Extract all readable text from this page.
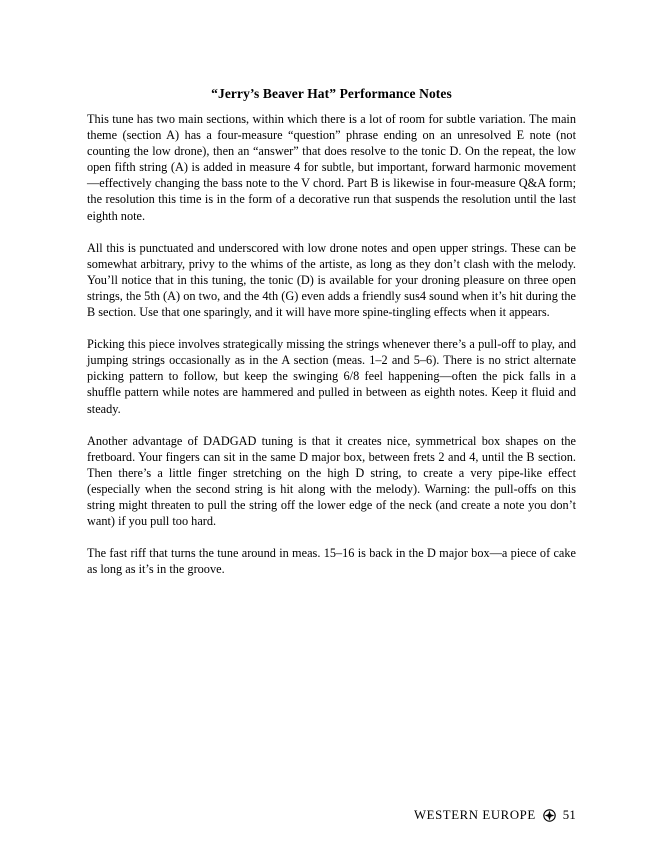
“Jerry’s Beaver Hat” Performance Notes

This tune has two main sections, within which there is a lot of room for subtle variation. The main theme (section A) has a four-measure “question” phrase ending on an unresolved E note (not counting the low drone), then an “answer” that does resolve to the tonic D. On the repeat, the low open fifth string (A) is added in measure 4 for subtle, but important, forward harmonic movement—effectively changing the bass note to the V chord. Part B is likewise in four-measure Q&A form; the resolution this time is in the form of a decorative run that suspends the resolution until the last eighth note.

All this is punctuated and underscored with low drone notes and open upper strings. These can be somewhat arbitrary, privy to the whims of the artiste, as long as they don’t clash with the melody. You’ll notice that in this tuning, the tonic (D) is available for your droning pleasure on three open strings, the 5th (A) on two, and the 4th (G) even adds a friendly sus4 sound when it’s hit during the B section. Use that one sparingly, and it will have more spine-tingling effects when it appears.

Picking this piece involves strategically missing the strings whenever there’s a pull-off to play, and jumping strings occasionally as in the A section (meas. 1–2 and 5–6). There is no strict alternate picking pattern to follow, but keep the swinging 6/8 feel happening—often the pick falls in a shuffle pattern while notes are hammered and pulled in between as eighth notes. Keep it fluid and steady.

Another advantage of DADGAD tuning is that it creates nice, symmetrical box shapes on the fretboard. Your fingers can sit in the same D major box, between frets 2 and 4, until the B section. Then there’s a little finger stretching on the high D string, to create a very pipe-like effect (especially when the second string is hit along with the melody). Warning: the pull-offs on this string might threaten to pull the string off the lower edge of the neck (and create a note you don’t want) if you pull too hard.

The fast riff that turns the tune around in meas. 15–16 is back in the D major box—a piece of cake as long as it’s in the groove.

WESTERN EUROPE 51
